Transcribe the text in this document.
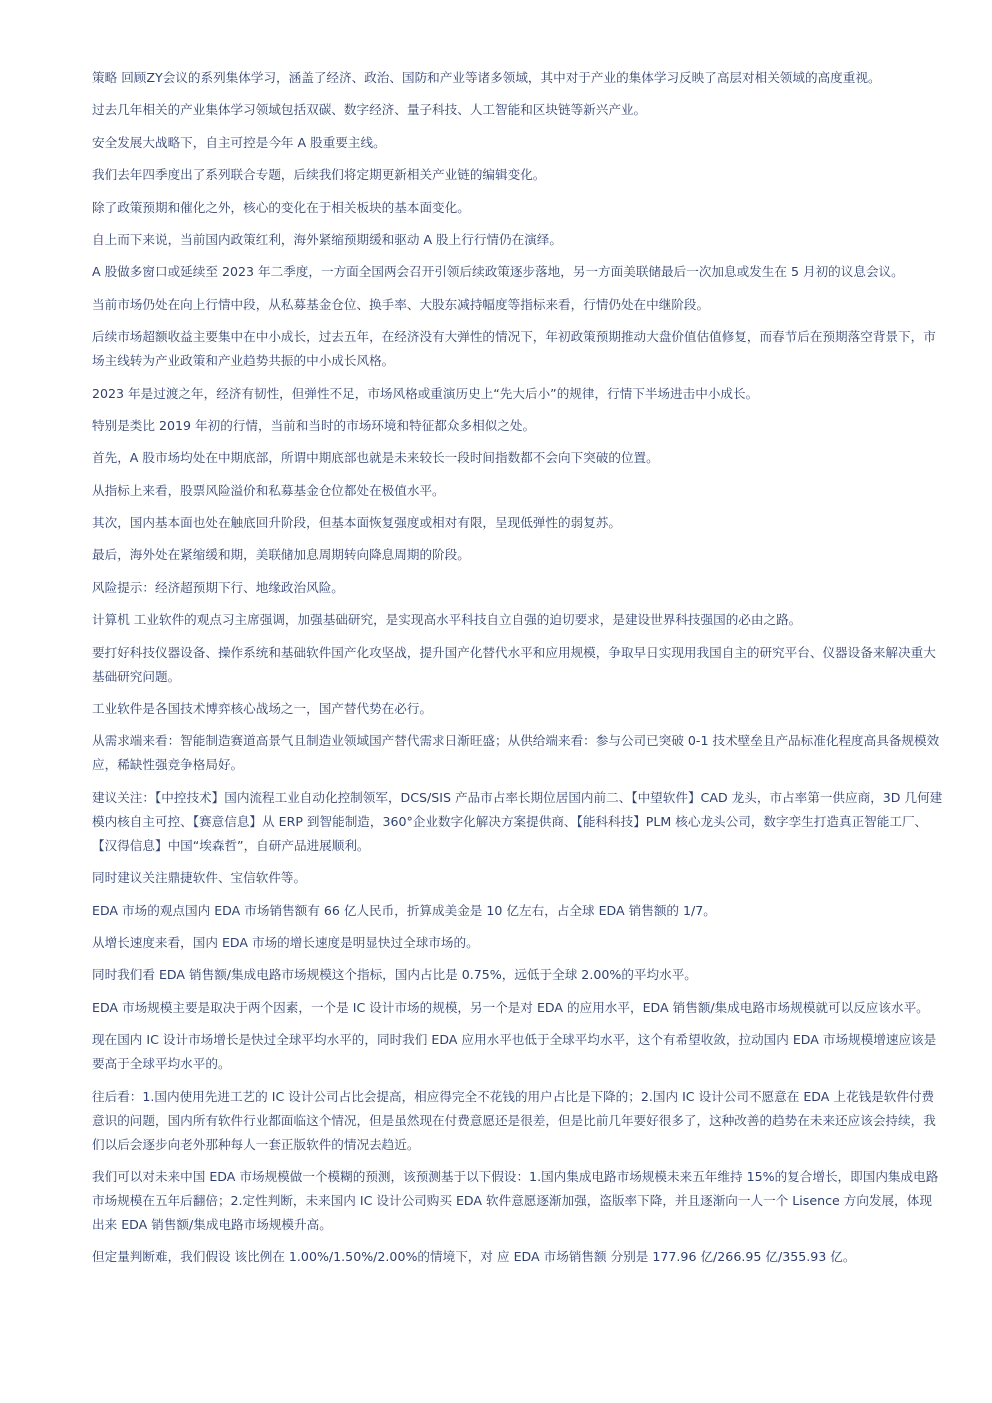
策略 回顾ZY会议的系列集体学习，涵盖了经济、政治、国防和产业等诸多领域，其中对于产业的集体学习反映了高层对相关领域的高度重视。

过去几年相关的产业集体学习领域包括双碳、数字经济、量子科技、人工智能和区块链等新兴产业。

安全发展大战略下，自主可控是今年 A 股重要主线。

我们去年四季度出了系列联合专题，后续我们将定期更新相关产业链的编辑变化。

除了政策预期和催化之外，核心的变化在于相关板块的基本面变化。

自上而下来说，当前国内政策红利，海外紧缩预期缓和驱动 A 股上行行情仍在演绎。

A 股做多窗口或延续至 2023 年二季度，一方面全国两会召开引领后续政策逐步落地，另一方面美联储最后一次加息或发生在 5 月初的议息会议。

当前市场仍处在向上行情中段，从私募基金仓位、换手率、大股东减持幅度等指标来看，行情仍处在中继阶段。

后续市场超额收益主要集中在中小成长，过去五年，在经济没有大弹性的情况下，年初政策预期推动大盘价值估值修复，而春节后在预期落空背景下，市场主线转为产业政策和产业趋势共振的中小成长风格。

2023 年是过渡之年，经济有韧性，但弹性不足，市场风格或重演历史上“先大后小”的规律，行情下半场进击中小成长。

特别是类比 2019 年初的行情，当前和当时的市场环境和特征都众多相似之处。

首先，A 股市场均处在中期底部，所谓中期底部也就是未来较长一段时间指数都不会向下突破的位置。

从指标上来看，股票风险溢价和私募基金仓位都处在极值水平。

其次，国内基本面也处在触底回升阶段，但基本面恢复强度或相对有限，呈现低弹性的弱复苏。

最后，海外处在紧缩缓和期，美联储加息周期转向降息周期的阶段。

风险提示：经济超预期下行、地缘政治风险。

计算机 工业软件的观点习主席强调，加强基础研究，是实现高水平科技自立自强的迫切要求，是建设世界科技强国的必由之路。

要打好科技仪器设备、操作系统和基础软件国产化攻坚战，提升国产化替代水平和应用规模，争取早日实现用我国自主的研究平台、仪器设备来解决重大基础研究问题。

工业软件是各国技术博弈核心战场之一，国产替代势在必行。

从需求端来看：智能制造赛道高景气且制造业领域国产替代需求日渐旺盛；从供给端来看：参与公司已突破 0-1 技术壁垒且产品标准化程度高具备规模效应，稀缺性强竞争格局好。

建议关注：【中控技术】国内流程工业自动化控制领军，DCS/SIS 产品市占率长期位居国内前二、【中望软件】CAD 龙头，市占率第一供应商，3D 几何建模内核自主可控、【赛意信息】从 ERP 到智能制造，360°企业数字化解决方案提供商、【能科科技】PLM 核心龙头公司，数字孪生打造真正智能工厂、【汉得信息】中国“埃森哲”，自研产品进展顺利。

同时建议关注鼎捷软件、宝信软件等。

EDA 市场的观点国内 EDA 市场销售额有 66 亿人民币，折算成美金是 10 亿左右，占全球 EDA 销售额的 1/7。

从增长速度来看，国内 EDA 市场的增长速度是明显快过全球市场的。

同时我们看 EDA 销售额/集成电路市场规模这个指标，国内占比是 0.75%，远低于全球 2.00%的平均水平。

EDA 市场规模主要是取决于两个因素，一个是 IC 设计市场的规模，另一个是对 EDA 的应用水平，EDA 销售额/集成电路市场规模就可以反应该水平。

现在国内 IC 设计市场增长是快过全球平均水平的，同时我们 EDA 应用水平也低于全球平均水平，这个有希望收敛，拉动国内 EDA 市场规模增速应该是要高于全球平均水平的。

往后看：1.国内使用先进工艺的 IC 设计公司占比会提高，相应得完全不花钱的用户占比是下降的；2.国内 IC 设计公司不愿意在 EDA 上花钱是软件付费意识的问题，国内所有软件行业都面临这个情况，但是虽然现在付费意愿还是很差，但是比前几年要好很多了，这种改善的趋势在未来还应该会持续，我们以后会逐步向老外那种每人一套正版软件的情况去趋近。

我们可以对未来中国 EDA 市场规模做一个模糊的预测，该预测基于以下假设：1.国内集成电路市场规模未来五年维持 15%的复合增长，即国内集成电路市场规模在五年后翻倍；2.定性判断，未来国内 IC 设计公司购买 EDA 软件意愿逐渐加强，盗版率下降，并且逐渐向一人一个 Lisence 方向发展，体现出来 EDA 销售额/集成电路市场规模升高。

但定量判断难，我们假设 该比例在 1.00%/1.50%/2.00%的情境下，对 应 EDA 市场销售额 分别是 177.96 亿/266.95 亿/355.93 亿。
